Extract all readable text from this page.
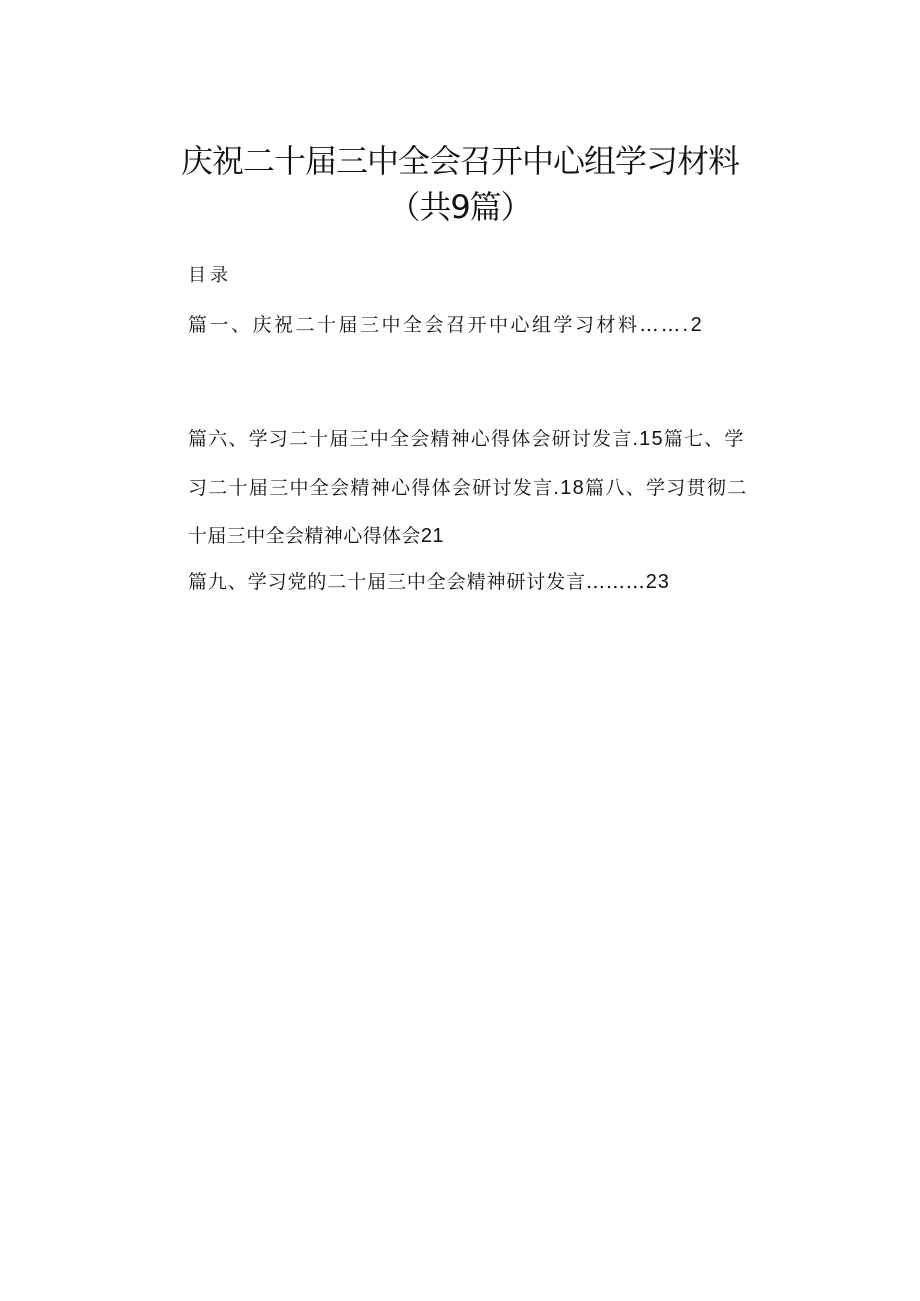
庆祝二十届三中全会召开中心组学习材料
（共9篇）
目录
篇一、庆祝二十届三中全会召开中心组学习材料…….2
篇六、学习二十届三中全会精神心得体会研讨发言.15篇七、学
习二十届三中全会精神心得体会研讨发言.18篇八、学习贯彻二
十届三中全会精神心得体会21
篇九、学习党的二十届三中全会精神研讨发言………23
